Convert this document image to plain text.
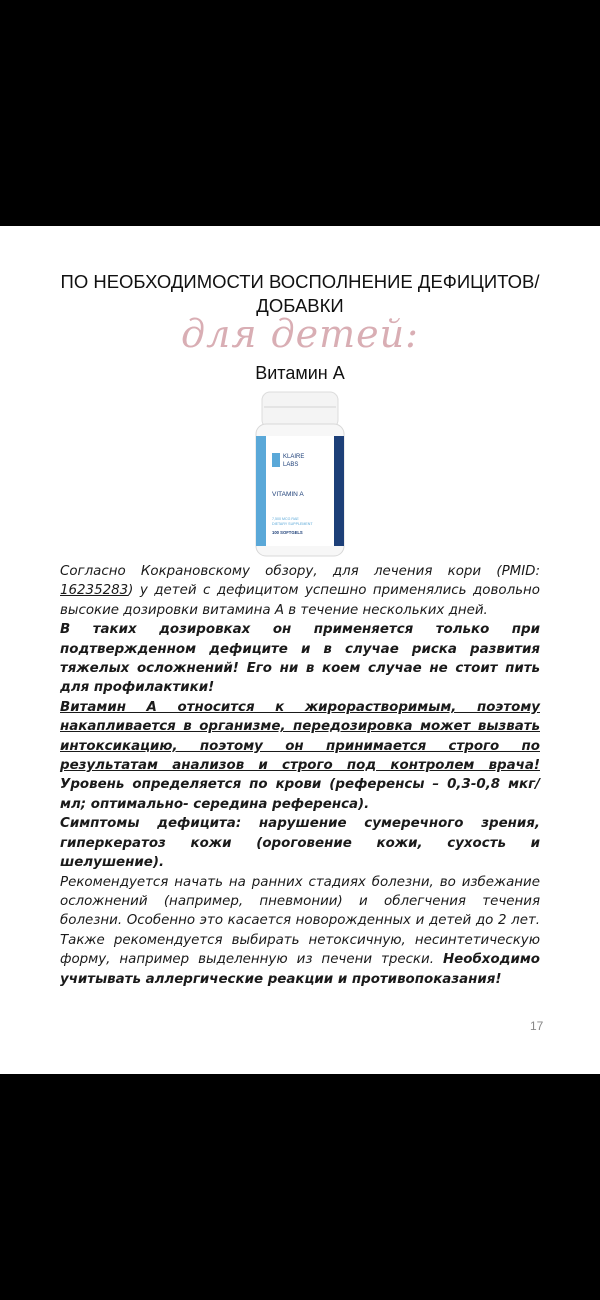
ПО НЕОБХОДИМОСТИ ВОСПОЛНЕНИЕ ДЕФИЦИТОВ/
ДОБАВКИ
для детей:
Витамин А
KLAIRE
LABS
VITAMIN A
7,500 MCG RAE
DIETARY SUPPLEMENT
100 SOFTGELS

Согласно Кокрановскому обзору, для лечения кори (PMID: 16235283) у детей с дефицитом успешно применялись довольно высокие дозировки витамина А в течение нескольких дней.

В таких дозировках он применяется только при подтвержденном дефиците и в случае риска развития тяжелых осложнений! Его ни в коем случае не стоит пить для профилактики!

Витамин А относится к жирорастворимым, поэтому накапливается в организме, передозировка может вызвать интоксикацию, поэтому он принимается строго по результатам анализов и строго под контролем врача! Уровень определяется по крови (референсы – 0,3-0,8 мкг/мл; оптимально- середина референса).

Симптомы дефицита: нарушение сумеречного зрения, гиперкератоз кожи (ороговение кожи, сухость и шелушение).

Рекомендуется начать на ранних стадиях болезни, во избежание осложнений (например, пневмонии) и облегчения течения болезни. Особенно это касается новорожденных и детей до 2 лет. Также рекомендуется выбирать нетоксичную, несинтетическую форму, например выделенную из печени трески. Необходимо учитывать аллергические реакции и противопоказания!

17
